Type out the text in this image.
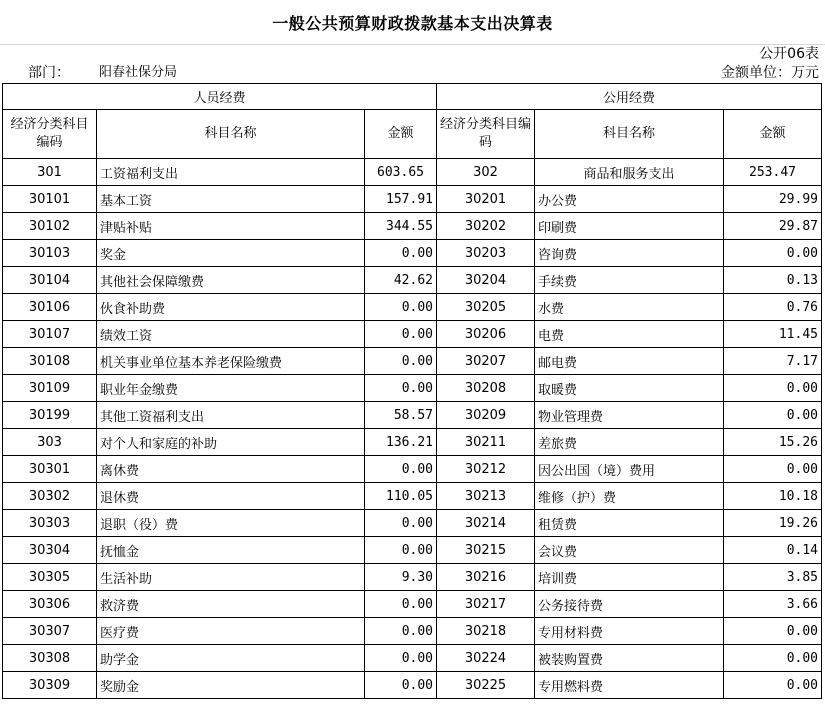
一般公共预算财政拨款基本支出决算表
公开06表
部门： 阳春社保分局	金额单位：万元
人员经费			公用经费		
经济分类科目编码	科目名称	金额	经济分类科目编码	科目名称	金额
301	工资福利支出	603.65	302	商品和服务支出	253.47
30101	基本工资	157.91	30201	办公费	29.99
30102	津贴补贴	344.55	30202	印刷费	29.87
30103	奖金	0.00	30203	咨询费	0.00
30104	其他社会保障缴费	42.62	30204	手续费	0.13
30106	伙食补助费	0.00	30205	水费	0.76
30107	绩效工资	0.00	30206	电费	11.45
30108	机关事业单位基本养老保险缴费	0.00	30207	邮电费	7.17
30109	职业年金缴费	0.00	30208	取暖费	0.00
30199	其他工资福利支出	58.57	30209	物业管理费	0.00
303	对个人和家庭的补助	136.21	30211	差旅费	15.26
30301	离休费	0.00	30212	因公出国（境）费用	0.00
30302	退休费	110.05	30213	维修（护）费	10.18
30303	退职（役）费	0.00	30214	租赁费	19.26
30304	抚恤金	0.00	30215	会议费	0.14
30305	生活补助	9.30	30216	培训费	3.85
30306	救济费	0.00	30217	公务接待费	3.66
30307	医疗费	0.00	30218	专用材料费	0.00
30308	助学金	0.00	30224	被装购置费	0.00
30309	奖励金	0.00	30225	专用燃料费	0.00
